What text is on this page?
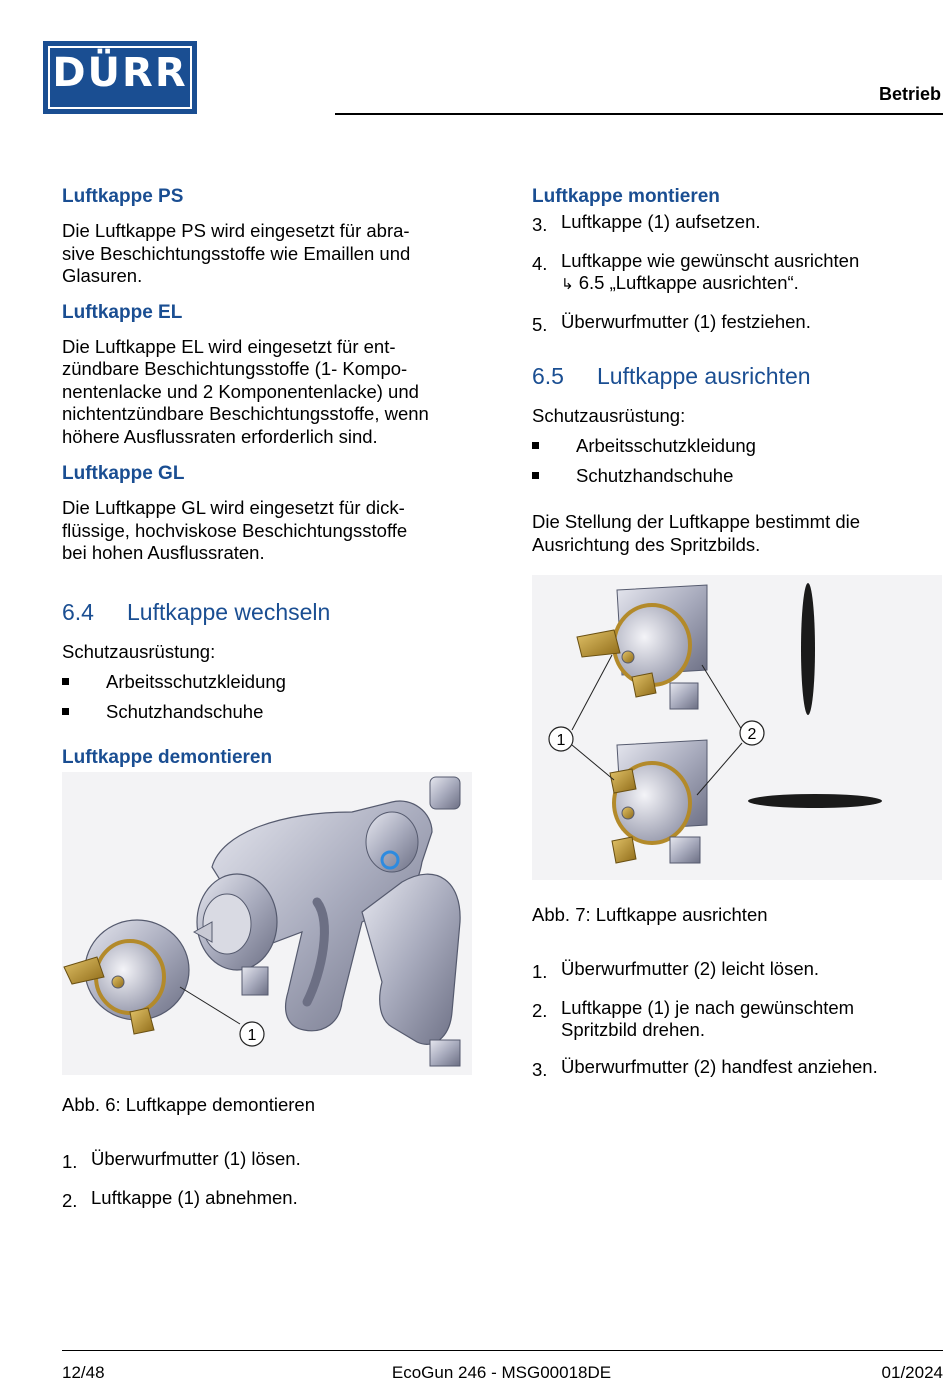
DÜRR	Betrieb

Luftkappe PS

Die Luftkappe PS wird eingesetzt für abra-

sive Beschichtungsstoffe wie Emaillen und

Glasuren.

Luftkappe EL

Die Luftkappe EL wird eingesetzt für ent-

zündbare Beschichtungsstoffe (1- Kompo-

nentenlacke und 2 Komponentenlacke) und

nichtentzündbare Beschichtungsstoffe, wenn

höhere Ausflussraten erforderlich sind.

Luftkappe GL

Die Luftkappe GL wird eingesetzt für dick-

flüssige, hochviskose Beschichtungsstoffe

bei hohen Ausflussraten.

6.4 Luftkappe wechseln

Schutzausrüstung:

Arbeitsschutzkleidung

Schutzhandschuhe

Luftkappe demontieren

1

Abb. 6: Luftkappe demontieren

1. Überwurfmutter (1) lösen.

2. Luftkappe (1) abnehmen.

Luftkappe montieren

3. Luftkappe (1) aufsetzen.

4. Luftkappe wie gewünscht ausrichten
↳ 6.5 „Luftkappe ausrichten“.

5. Überwurfmutter (1) festziehen.

6.5 Luftkappe ausrichten

Schutzausrüstung:

Arbeitsschutzkleidung

Schutzhandschuhe

Die Stellung der Luftkappe bestimmt die

Ausrichtung des Spritzbilds.

1	2

Abb. 7: Luftkappe ausrichten

1. Überwurfmutter (2) leicht lösen.

2. Luftkappe (1) je nach gewünschtem
Spritzbild drehen.

3. Überwurfmutter (2) handfest anziehen.

12/48	EcoGun 246 - MSG00018DE	01/2024
